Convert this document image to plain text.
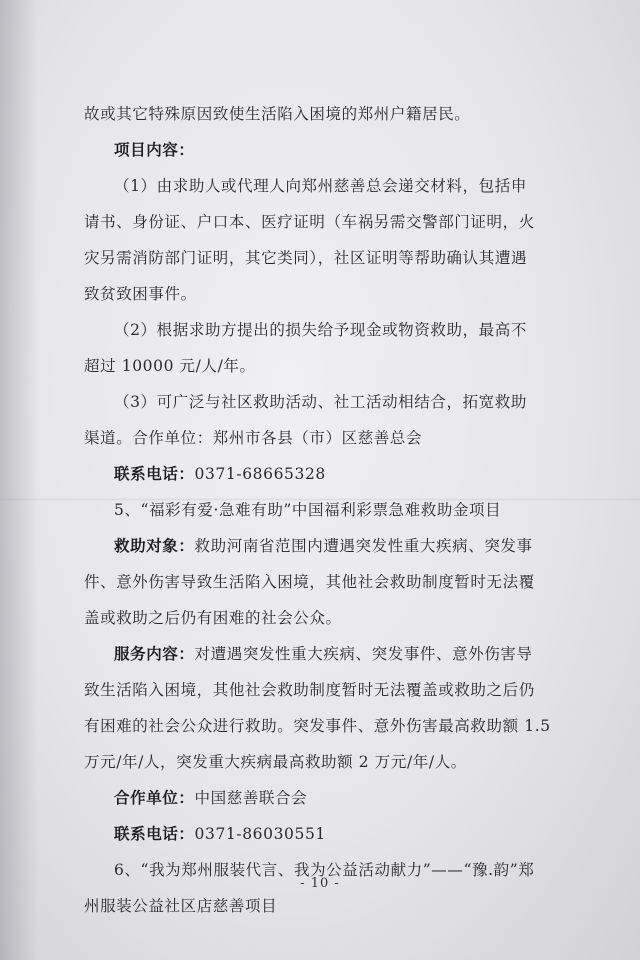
故或其它特殊原因致使生活陷入困境的郑州户籍居民。
项目内容：
（1）由求助人或代理人向郑州慈善总会递交材料，包括申
请书、身份证、户口本、医疗证明（车祸另需交警部门证明，火
灾另需消防部门证明，其它类同），社区证明等帮助确认其遭遇
致贫致困事件。
（2）根据求助方提出的损失给予现金或物资救助，最高不
超过 10000 元/人/年。
（3）可广泛与社区救助活动、社工活动相结合，拓宽救助
渠道。合作单位：郑州市各县（市）区慈善总会
联系电话：0371-68665328
5、“福彩有爱·急难有助”中国福利彩票急难救助金项目
救助对象：救助河南省范围内遭遇突发性重大疾病、突发事
件、意外伤害导致生活陷入困境，其他社会救助制度暂时无法覆
盖或救助之后仍有困难的社会公众。
服务内容：对遭遇突发性重大疾病、突发事件、意外伤害导
致生活陷入困境，其他社会救助制度暂时无法覆盖或救助之后仍
有困难的社会公众进行救助。突发事件、意外伤害最高救助额 1.5
万元/年/人，突发重大疾病最高救助额 2 万元/年/人。
合作单位：中国慈善联合会
联系电话：0371-86030551
6、“我为郑州服装代言、我为公益活动献力”——“豫.韵”郑
州服装公益社区店慈善项目
- 10 -
